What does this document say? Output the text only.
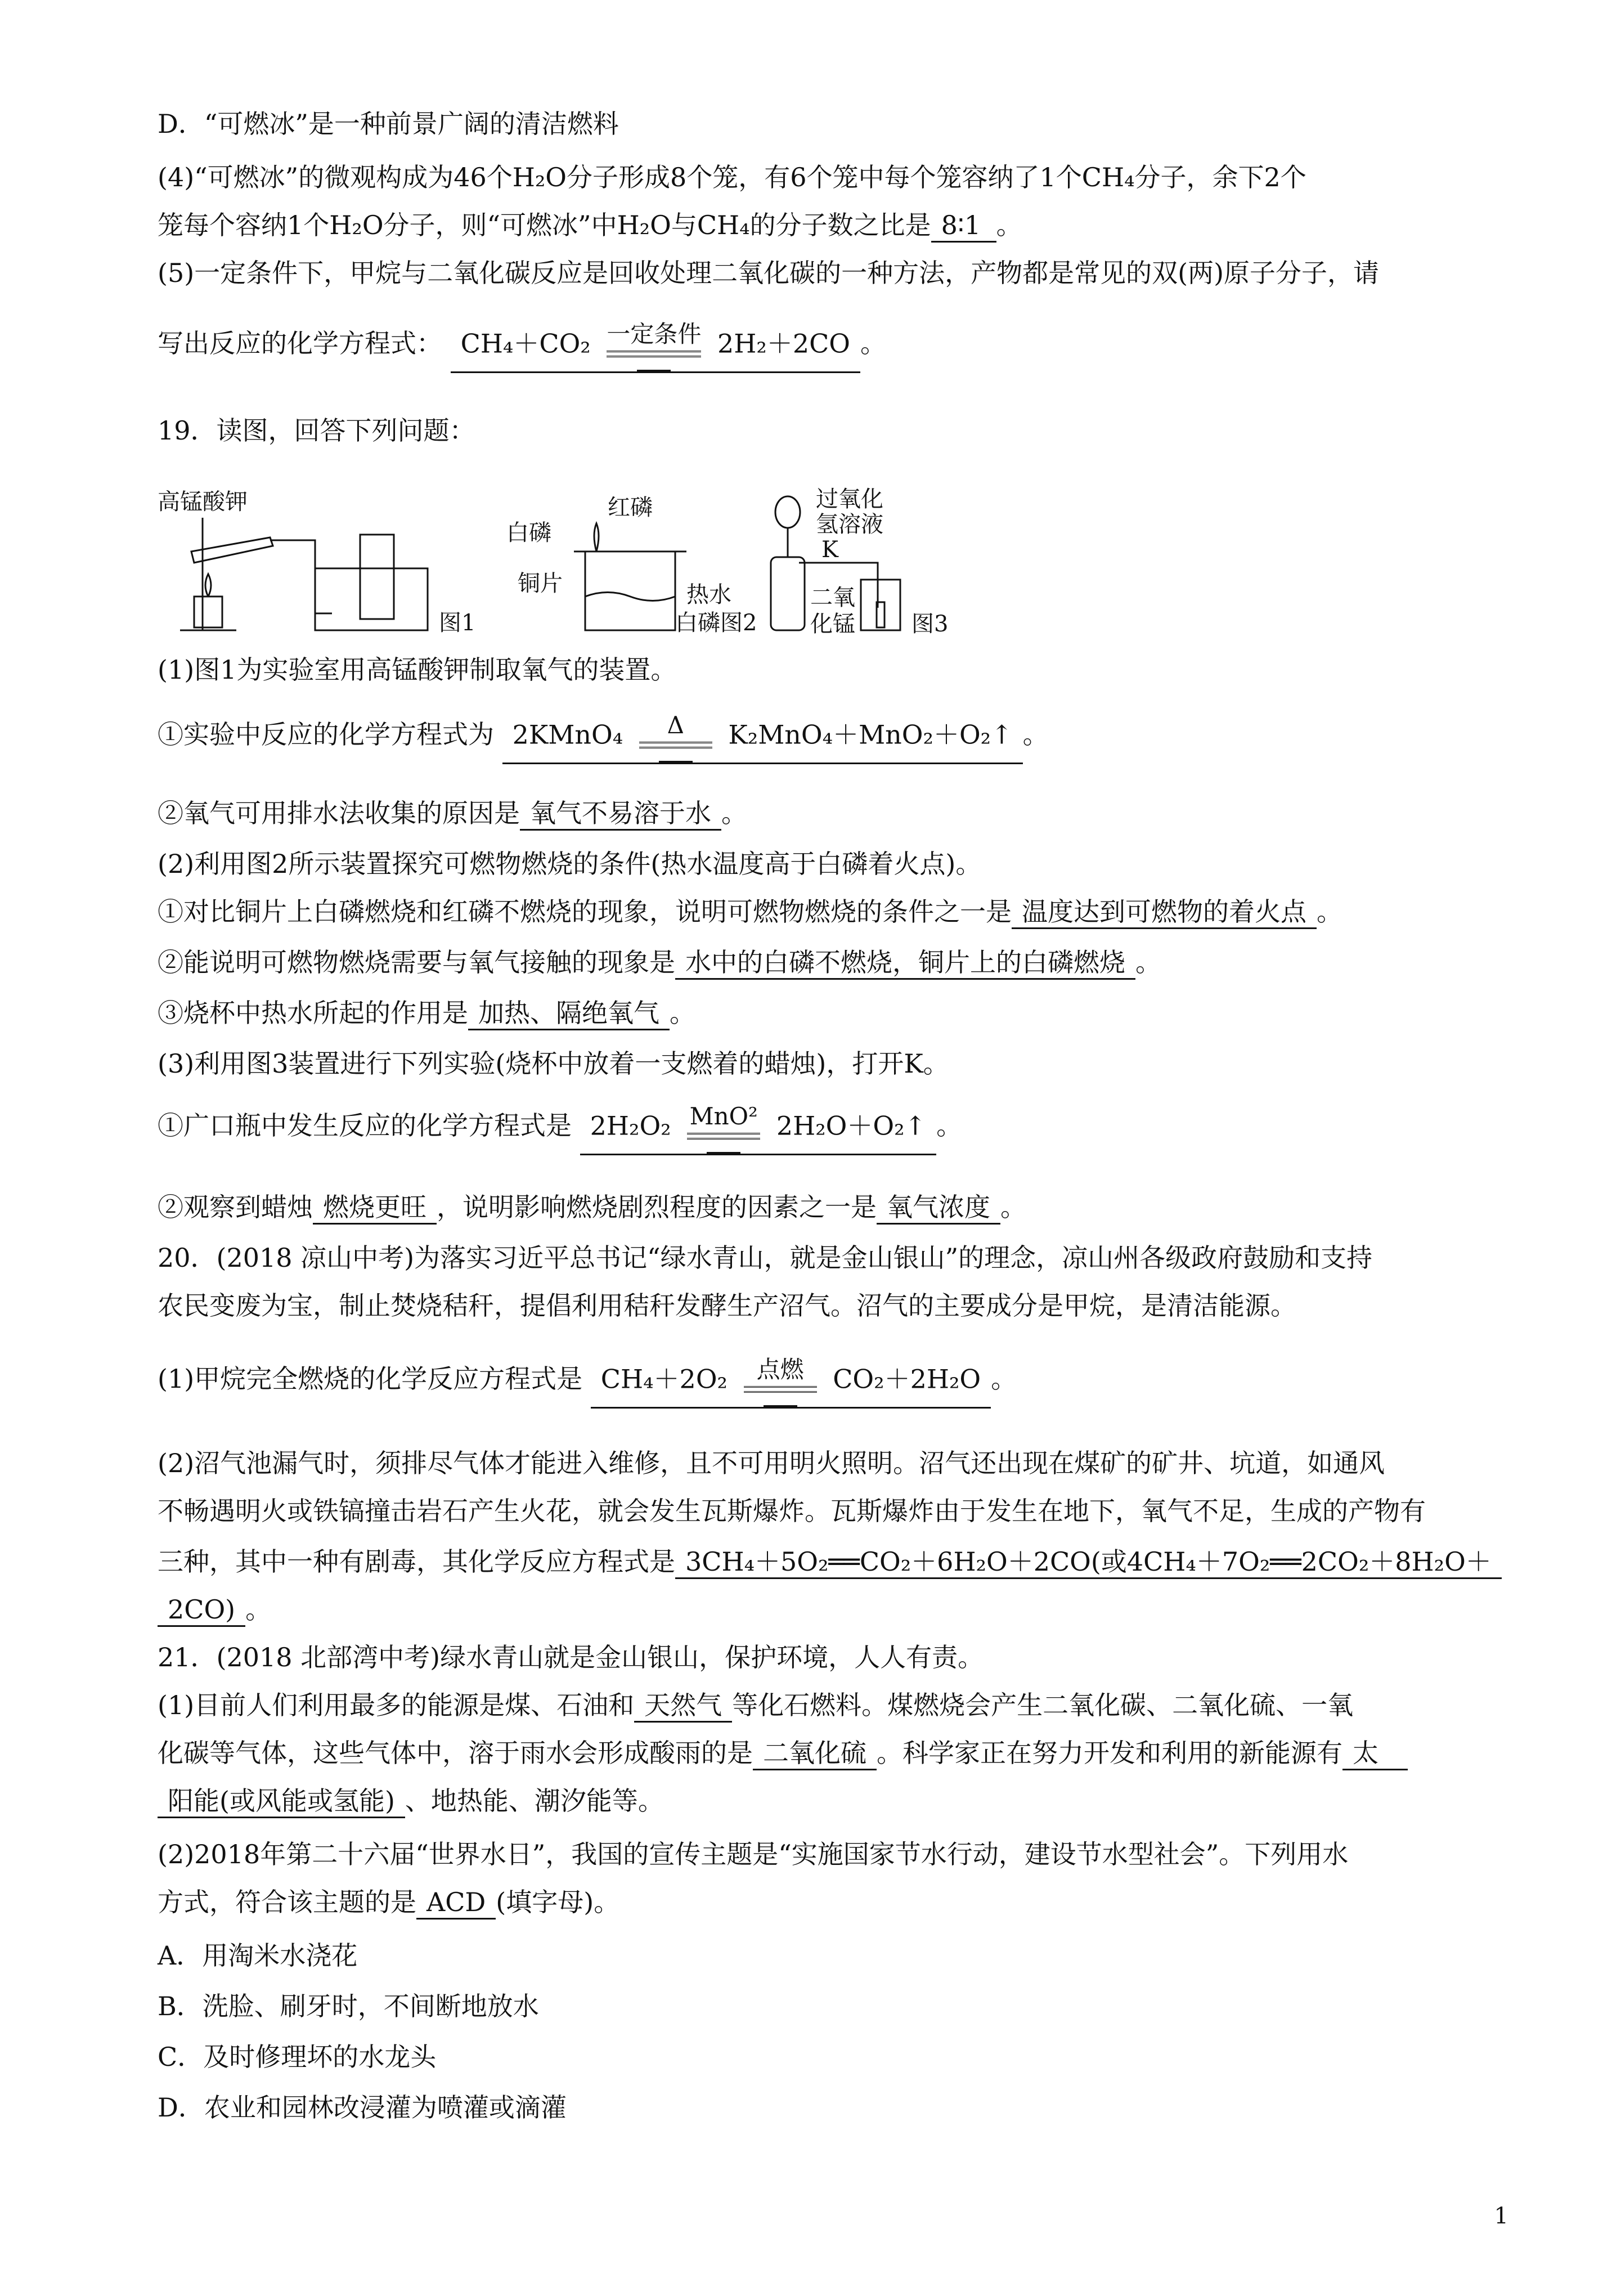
D．“可燃冰”是一种前景广阔的清洁燃料
(4)“可燃冰”的微观构成为46个H₂O分子形成8个笼，有6个笼中每个笼容纳了1个CH₄分子，余下2个
笼每个容纳1个H₂O分子，则“可燃冰”中H₂O与CH₄的分子数之比是 8∶1 。
(5)一定条件下，甲烷与二氧化碳反应是回收处理二氧化碳的一种方法，产物都是常见的双(两)原子分子，请
写出反应的化学方程式： CH₄＋CO₂ 一定条件 2H₂＋2CO 。
19．读图，回答下列问题：
高锰酸钾
图1
白磷
红磷
铜片	热水
白磷 图2
过氧化
氢溶液
K
二氧
化锰	图3
(1)图1为实验室用高锰酸钾制取氧气的装置。
①实验中反应的化学方程式为 2KMnO₄ Δ K₂MnO₄＋MnO₂＋O₂↑ 。
②氧气可用排水法收集的原因是 氧气不易溶于水 。
(2)利用图2所示装置探究可燃物燃烧的条件(热水温度高于白磷着火点)。
①对比铜片上白磷燃烧和红磷不燃烧的现象，说明可燃物燃烧的条件之一是 温度达到可燃物的着火点 。
②能说明可燃物燃烧需要与氧气接触的现象是 水中的白磷不燃烧，铜片上的白磷燃烧 。
③烧杯中热水所起的作用是 加热、隔绝氧气 。
(3)利用图3装置进行下列实验(烧杯中放着一支燃着的蜡烛)，打开K。
①广口瓶中发生反应的化学方程式是 2H₂O₂ MnO² 2H₂O＋O₂↑ 。
②观察到蜡烛 燃烧更旺 ，说明影响燃烧剧烈程度的因素之一是 氧气浓度 。
20．(2018 凉山中考)为落实习近平总书记“绿水青山，就是金山银山”的理念，凉山州各级政府鼓励和支持
农民变废为宝，制止焚烧秸秆，提倡利用秸秆发酵生产沼气。沼气的主要成分是甲烷，是清洁能源。
(1)甲烷完全燃烧的化学反应方程式是 CH₄＋2O₂ 点燃 CO₂＋2H₂O 。
(2)沼气池漏气时，须排尽气体才能进入维修，且不可用明火照明。沼气还出现在煤矿的矿井、坑道，如通风
不畅遇明火或铁镐撞击岩石产生火花，就会发生瓦斯爆炸。瓦斯爆炸由于发生在地下，氧气不足，生成的产物有
三种，其中一种有剧毒，其化学反应方程式是 3CH₄＋5O₂══CO₂＋6H₂O＋2CO(或4CH₄＋7O₂══2CO₂＋8H₂O＋
2CO) 。
21．(2018 北部湾中考)绿水青山就是金山银山，保护环境，人人有责。
(1)目前人们利用最多的能源是煤、石油和 天然气 等化石燃料。煤燃烧会产生二氧化碳、二氧化硫、一氧
化碳等气体，这些气体中，溶于雨水会形成酸雨的是 二氧化硫 。科学家正在努力开发和利用的新能源有 太
阳能(或风能或氢能) 、地热能、潮汐能等。
(2)2018年第二十六届“世界水日”，我国的宣传主题是“实施国家节水行动，建设节水型社会”。下列用水
方式，符合该主题的是 ACD (填字母)。
A．用淘米水浇花
B．洗脸、刷牙时，不间断地放水
C．及时修理坏的水龙头
D．农业和园林改浸灌为喷灌或滴灌
1
